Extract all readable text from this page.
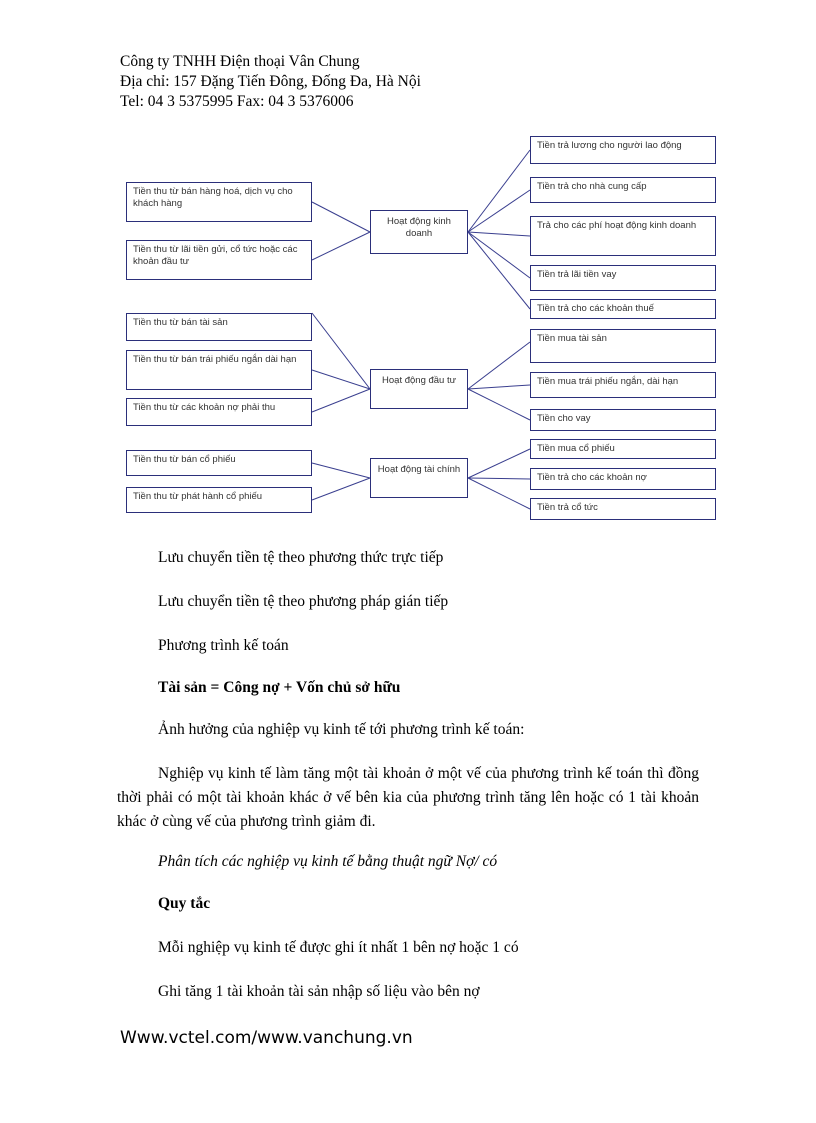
Công ty TNHH Điện thoại Vân Chung
Địa chỉ: 157 Đặng Tiến Đông, Đống Đa, Hà Nội
Tel: 04 3 5375995 Fax: 04 3 5376006
Hoạt động kinh doanh
Hoạt động đầu tư
Hoạt động tài chính
Tiền thu từ bán hàng hoá, dịch vụ cho khách hàng
Tiền thu từ lãi tiền gửi, cổ tức hoặc các khoản đầu tư
Tiền thu từ bán tài sản
Tiền thu từ bán trái phiếu ngắn dài hạn
Tiền thu từ các khoản nợ phải thu
Tiền thu từ bán cổ phiếu
Tiền thu từ phát hành cổ phiếu
Tiền trả lương cho người lao động
Tiền trả cho nhà cung cấp
Trả cho các phí hoạt động kinh doanh
Tiền trả lãi tiền vay
Tiền trả cho các khoản thuế
Tiền mua tài sản
Tiền mua trái phiếu ngắn, dài hạn
Tiền cho vay
Tiền mua cổ phiếu
Tiền trả cho các khoản nợ
Tiền trả cổ tức
Lưu chuyển tiền tệ theo phương thức trực tiếp
Lưu chuyển tiền tệ theo phương pháp gián tiếp
Phương trình kế toán
Tài sản = Công nợ + Vốn chủ sở hữu
Ảnh hưởng của nghiệp vụ kinh tế tới phương trình kế toán:
Nghiệp vụ kinh tế làm tăng một tài khoản ở một vế của phương trình kế toán thì đồng thời phải có một tài khoản khác ở vế bên kia của phương trình tăng lên hoặc có 1 tài khoản khác ở cùng vế của phương trình giảm đi.
Phân tích các nghiệp vụ kinh tế bằng thuật ngữ Nợ/ có
Quy tắc
Mỗi nghiệp vụ kinh tế được ghi ít nhất 1 bên nợ hoặc 1 có
Ghi tăng 1 tài khoản tài sản nhập số liệu vào bên nợ
Www.vctel.com/www.vanchung.vn
